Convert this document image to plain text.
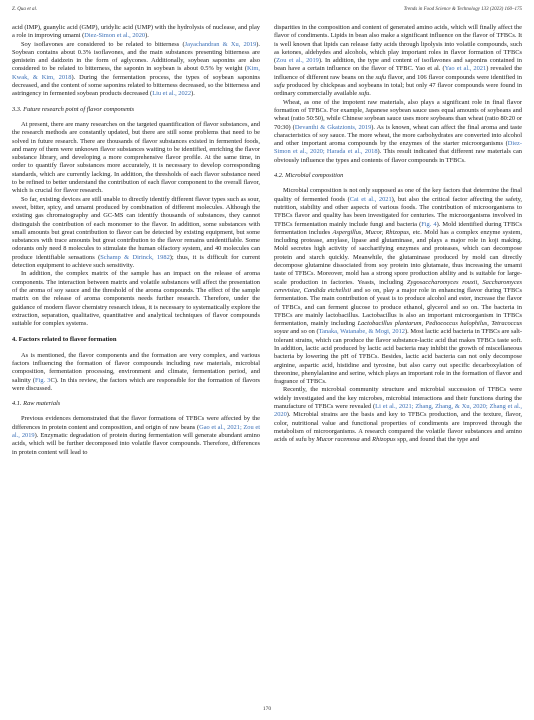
Z. Qua et al.	Trends in Food Science & Technology 133 (2023) 160–175

acid (IMP), guanylic acid (GMP), uridylic acid (UMP) with the hydrolysis of nuclease, and play a role in improving umami (Diez-Simon et al., 2020).

Soy isoflavones are considered to be related to bitterness (Jayachandran & Xu, 2019). Soybean contains about 0.3% isoflavones, and the main substances presenting bitterness are genistein and daidzein in the form of aglycones. Additionally, soybean saponins are also considered to be related to bitterness, the saponin in soybean is about 0.5% by weight (Kim, Kwak, & Kim, 2018). During the fermentation process, the types of soybean saponins decreased, and the content of some saponins related to bitterness decreased, so the bitterness and astringency in fermented soybean products decreased (Liu et al., 2022).

3.3. Future research point of flavor components

At present, there are many researches on the targeted quantification of flavor substances, and the research methods are constantly updated, but there are still some problems that need to be solved in future research. There are thousands of flavor substances existed in fermented foods, and many of them were unknown flavor substances waiting to be identified, enriching the flavor substance library, and developing a more comprehensive flavor profile. At the same time, in order to quantify flavor substances more accurately, it is necessary to develop corresponding standards, which are currently lacking. In addition, the thresholds of each flavor substance need to be refined to better understand the contribution of each flavor component to the overall flavor, which is crucial for flavor research.

So far, existing devices are still unable to directly identify different flavor types such as sour, sweet, bitter, spicy, and umami produced by combination of different molecules. Although the existing gas chromatography and GC-MS can identify thousands of substances, they cannot distinguish the contribution of each monomer to the flavor. In addition, some substances with small amounts but great contribution to flavor can be detected by existing equipment, but some substances with trace amounts but great contribution to the flavor remains unidentifiable. Some odorants only need 8 molecules to stimulate the human olfactory system, and 40 molecules can produce identifiable sensations (Schamp & Dirinck, 1982); thus, it is difficult for current detection equipment to achieve such sensitivity.

In addition, the complex matrix of the sample has an impact on the release of aroma components. The interaction between matrix and volatile substances will affect the presentation of the aroma of soy sauce and the threshold of the aroma compounds. The effect of the sample matrix on the release of aroma components needs further research. Therefore, under the guidance of modern flavor chemistry research ideas, it is necessary to systematically explore the extraction, separation, qualitative, quantitative and analytical techniques of flavor compounds suitable for complex systems.

4. Factors related to flavor formation

As is mentioned, the flavor components and the formation are very complex, and various factors influencing the formation of flavor compounds including raw materials, microbial composition, fermentation processing, environment and climate, fermentation period, and salinity (Fig. 3C). In this review, the factors which are responsible for the formation of flavors were discussed.

4.1. Raw materials

Previous evidences demonstrated that the flavor formations of TFBCs were affected by the differences in protein content and composition, and origin of raw beans (Gao et al., 2021; Zou et al., 2019). Enzymatic degradation of protein during fermentation will generate abundant amino acids, which will be further decomposed into volatile flavor compounds. Therefore, differences in protein content will lead to

disparities in the composition and content of generated amino acids, which will finally affect the flavor of condiments. Lipids in bean also make a significant influence on the flavor of TFBCs. It is well known that lipids can release fatty acids through lipolysis into volatile compounds, such as ketones, aldehydes and alcohols, which play important roles in flavor formation of TFBCs (Zou et al., 2019). In addition, the type and content of isoflavones and saponins contained in bean have a certain influence on the flavor of TFBC. Yao et al. (Yao et al., 2021) revealed the influence of different raw beans on the sufu flavor, and 106 flavor compounds were identified in sufu produced by chickpeas and soybeans in total; but only 47 flavor compounds were found in ordinary commercially available sufu.

Wheat, as one of the impotent raw materials, also plays a significant role in final flavor formation of TFBCs. For example, Japanese soybean sauce uses equal amounts of soybeans and wheat (ratio 50:50), while Chinese soybean sauce uses more soybeans than wheat (ratio 80:20 or 70:30) (Devanthi & Gkatzionis, 2019). As is known, wheat can affect the final aroma and taste characteristics of soy sauce. The more wheat, the more carbohydrates are converted into alcohol and other important aroma compounds by the enzymes of the starter microorganisms (Diez-Simon et al., 2020; Harada et al., 2018). This result indicated that different raw materials can obviously influence the types and contents of flavor compounds in TFBCs.

4.2. Microbial composition

Microbial composition is not only supposed as one of the key factors that determine the final quality of fermented foods (Cai et al., 2021), but also the critical factor affecting the safety, nutrition, stability and other aspects of various foods. The contribution of microorganisms to TFBCs flavor and quality has been investigated for centuries. The microorganisms involved in TFBCs fermentation mainly include fungi and bacteria (Fig. 4). Mold identified during TFBCs fermentation includes Aspergillus, Mucor, Rhizopus, etc. Mold has a complex enzyme system, including protease, amylase, lipase and glutaminase, and plays a major role in koji making. Mold secretes high activity of saccharifying enzymes and proteases, which can decompose protein and starch quickly. Meanwhile, the glutaminase produced by mold can directly decompose glutamine dissociated from soy protein into glutamate, thus increasing the umami taste of TFBCs. Moreover, mold has a strong spore production ability and is suitable for large-scale production in factories. Yeasts, including Zygosaccharomyces rouxii, Saccharomyces cerevisiae, Candida etchellsii and so on, play a major role in enhancing flavor during TFBCs fermentation. The main contribution of yeast is to produce alcohol and ester, increase the flavor of TFBCs, and can ferment glucose to produce ethanol, glycerol and so on. The bacteria in TFBCs are mainly lactobacillus. Lactobacillus is also an important microorganism in TFBCs fermentation, mainly including Lactobacillus plantarum, Pediococcus halophilus, Tetracoccus soyae and so on (Tanaka, Watanabe, & Mogi, 2012). Most lactic acid bacteria in TFBCs are salt-tolerant strains, which can produce the flavor substance-lactic acid that makes TFBCs taste soft. In addition, lactic acid produced by lactic acid bacteria may inhibit the growth of miscellaneous bacteria by lowering the pH of TFBCs. Besides, lactic acid bacteria can not only decompose arginine, aspartic acid, histidine and tyrosine, but also carry out specific decarboxylation of threonine, phenylalanine and serine, which plays an important role in the formation of flavor and fragrance of TFBCs.

Recently, the microbial community structure and microbial succession of TFBCs were widely investigated and the key microbes, microbial interactions and their functions during the manufacture of TFBCs were revealed (Li et al., 2021; Zhang, Zhang, & Xu, 2020; Zhang et al., 2020). Microbial strains are the basis and key to TFBCs production, and the texture, flavor, color, nutritional value and functional properties of condiments are improved through the metabolism of microorganisms. A research compared the volatile flavor substances and amino acids of sufu by Mucor racemosa and Rhizopus spp, and found that the type and

170
